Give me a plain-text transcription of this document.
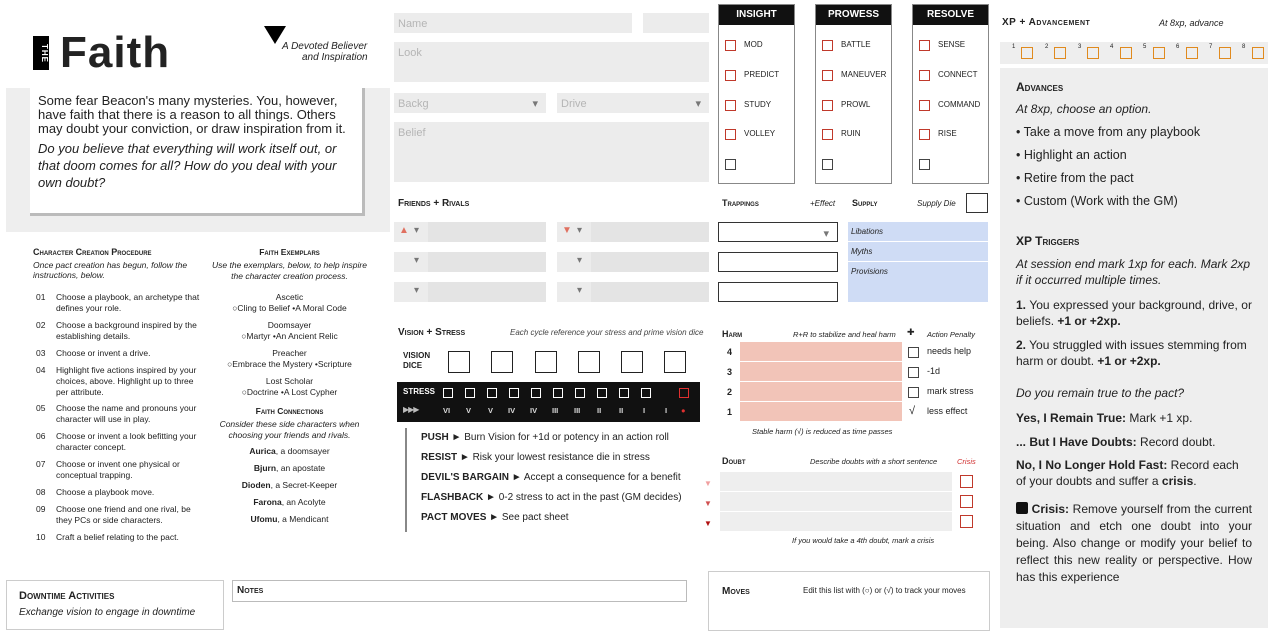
THE Faith	A Devoted Believer
and Inspiration
Some fear Beacon's many mysteries. You, however, have faith that there is a reason to all things. Others may doubt your conviction, or draw inspiration from it.
Do you believe that everything will work itself out, or that doom comes for all? How do you deal with your own doubt?
Character Creation Procedure
Once pact creation has begun, follow the instructions, below.
01	Choose a playbook, an archetype that defines your role.
02	Choose a background inspired by the establishing details.
03	Choose or invent a drive.
04	Highlight five actions inspired by your choices, above. Highlight up to three per attribute.
05	Choose the name and pronouns your character will use in play.
06	Choose or invent a look befitting your character concept.
07	Choose or invent one physical or conceptual trapping.
08	Choose a playbook move.
09	Choose one friend and one rival, be they PCs or side characters.
10	Craft a belief relating to the pact.
Faith Exemplars
Use the exemplars, below, to help inspire the character creation process.
Ascetic
○Cling to Belief •A Moral Code
Doomsayer
○Martyr •An Ancient Relic
Preacher
○Embrace the Mystery •Scripture
Lost Scholar
○Doctrine •A Lost Cypher
Faith Connections
Consider these side characters when choosing your friends and rivals.
Aurica, a doomsayer
Bjurn, an apostate
Dioden, a Secret-Keeper
Farona, an Acolyte
Ufomu, a Mendicant
Downtime Activities
Exchange vision to engage in downtime
Notes
Name
Look
Backg ▾	Drive ▾
Belief
Friends + Rivals
▲ ▾	▼ ▾
▾	▾
▾	▾
Vision + Stress	Each cycle reference your stress and prime vision dice
VISION
DICE
STRESS
▶▶▶	VI V V IV IV III III II II	I	I ●
PUSH ► Burn Vision for +1d or potency in an action roll
RESIST ► Risk your lowest resistance die in stress
DEVIL'S BARGAIN ► Accept a consequence for a benefit
FLASHBACK ► 0-2 stress to act in the past (GM decides)
PACT MOVES ► See pact sheet
▼
▼
▼
INSIGHT
MOD
PREDICT
STUDY
VOLLEY
PROWESS
BATTLE
MANEUVER
PROWL
RUIN
RESOLVE
SENSE
CONNECT
COMMAND
RISE
Trappings	+Effect Supply	Supply Die
▾
Libations
Myths
Provisions
Harm	R+R to stabilize and heal harm ✚ Action Penalty
4	needs help
3	-1d
2	mark stress
1	√ less effect
Stable harm (√) is reduced as time passes
Doubt	Describe doubts with a short sentence	Crisis
If you would take a 4th doubt, mark a crisis
Moves	Edit this list with (○) or (√) to track your moves
XP + Advancement	At 8xp, advance
1	2	3	4	5	6	7	8
Advances
At 8xp, choose an option.
• Take a move from any playbook
• Highlight an action
• Retire from the pact
• Custom (Work with the GM)
XP Triggers
At session end mark 1xp for each. Mark 2xp if it occurred multiple times.
1. You expressed your background, drive, or beliefs. +1 or +2xp.
2. You struggled with issues stemming from harm or doubt. +1 or +2xp.
Do you remain true to the pact?
Yes, I Remain True: Mark +1 xp.
... But I Have Doubts: Record doubt.
No, I No Longer Hold Fast: Record each of your doubts and suffer a crisis.
Crisis: Remove yourself from the current situation and etch one doubt into your being. Also change or modify your belief to reflect this new reality or perspective. How has this experience
